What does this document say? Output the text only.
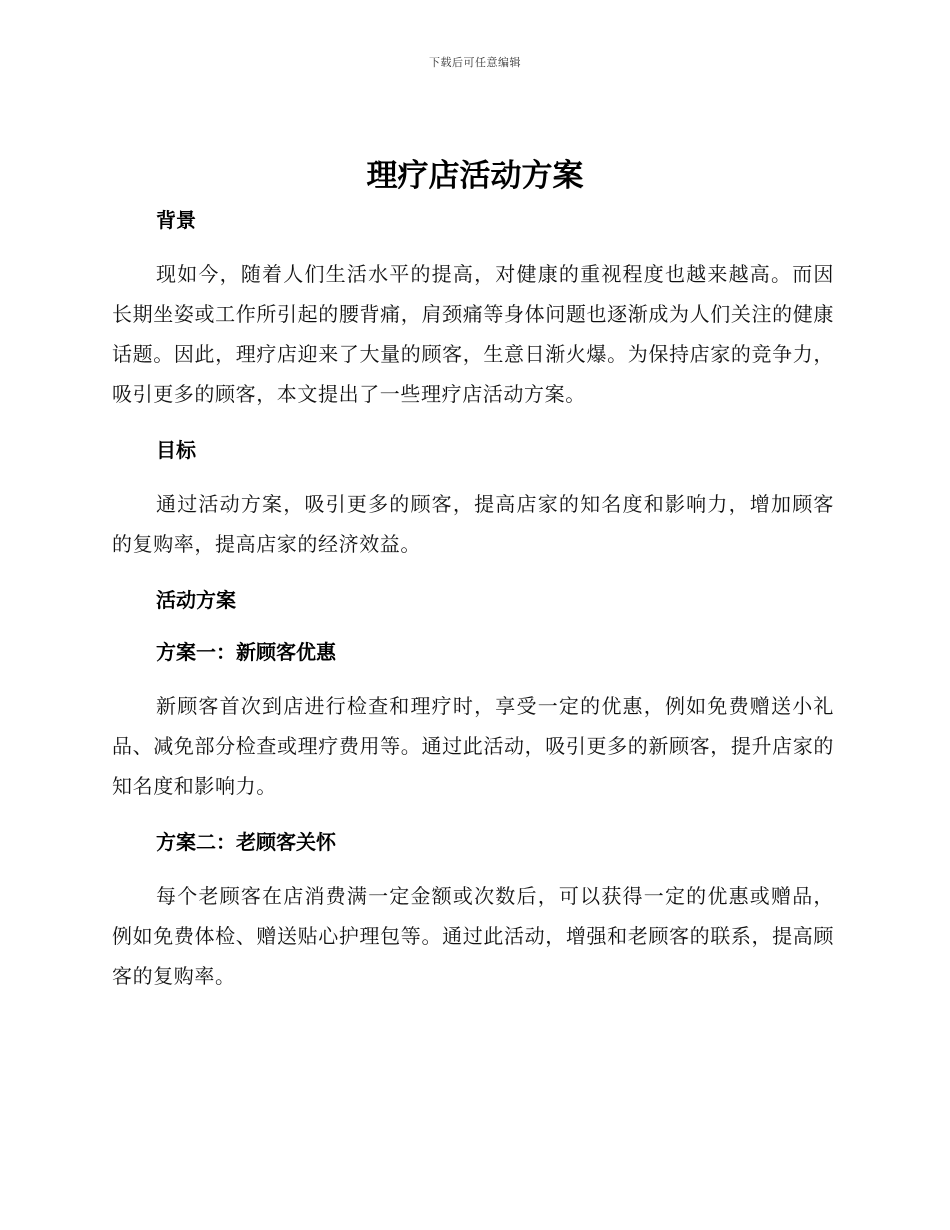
下载后可任意编辑
理疗店活动方案
背景

现如今，随着人们生活水平的提高，对健康的重视程度也越来越高。而因长期坐姿或工作所引起的腰背痛，肩颈痛等身体问题也逐渐成为人们关注的健康话题。因此，理疗店迎来了大量的顾客，生意日渐火爆。为保持店家的竞争力，吸引更多的顾客，本文提出了一些理疗店活动方案。

目标

通过活动方案，吸引更多的顾客，提高店家的知名度和影响力，增加顾客的复购率，提高店家的经济效益。

活动方案
方案一：新顾客优惠

新顾客首次到店进行检查和理疗时，享受一定的优惠，例如免费赠送小礼品、减免部分检查或理疗费用等。通过此活动，吸引更多的新顾客，提升店家的知名度和影响力。

方案二：老顾客关怀

每个老顾客在店消费满一定金额或次数后，可以获得一定的优惠或赠品，例如免费体检、赠送贴心护理包等。通过此活动，增强和老顾客的联系，提高顾客的复购率。
